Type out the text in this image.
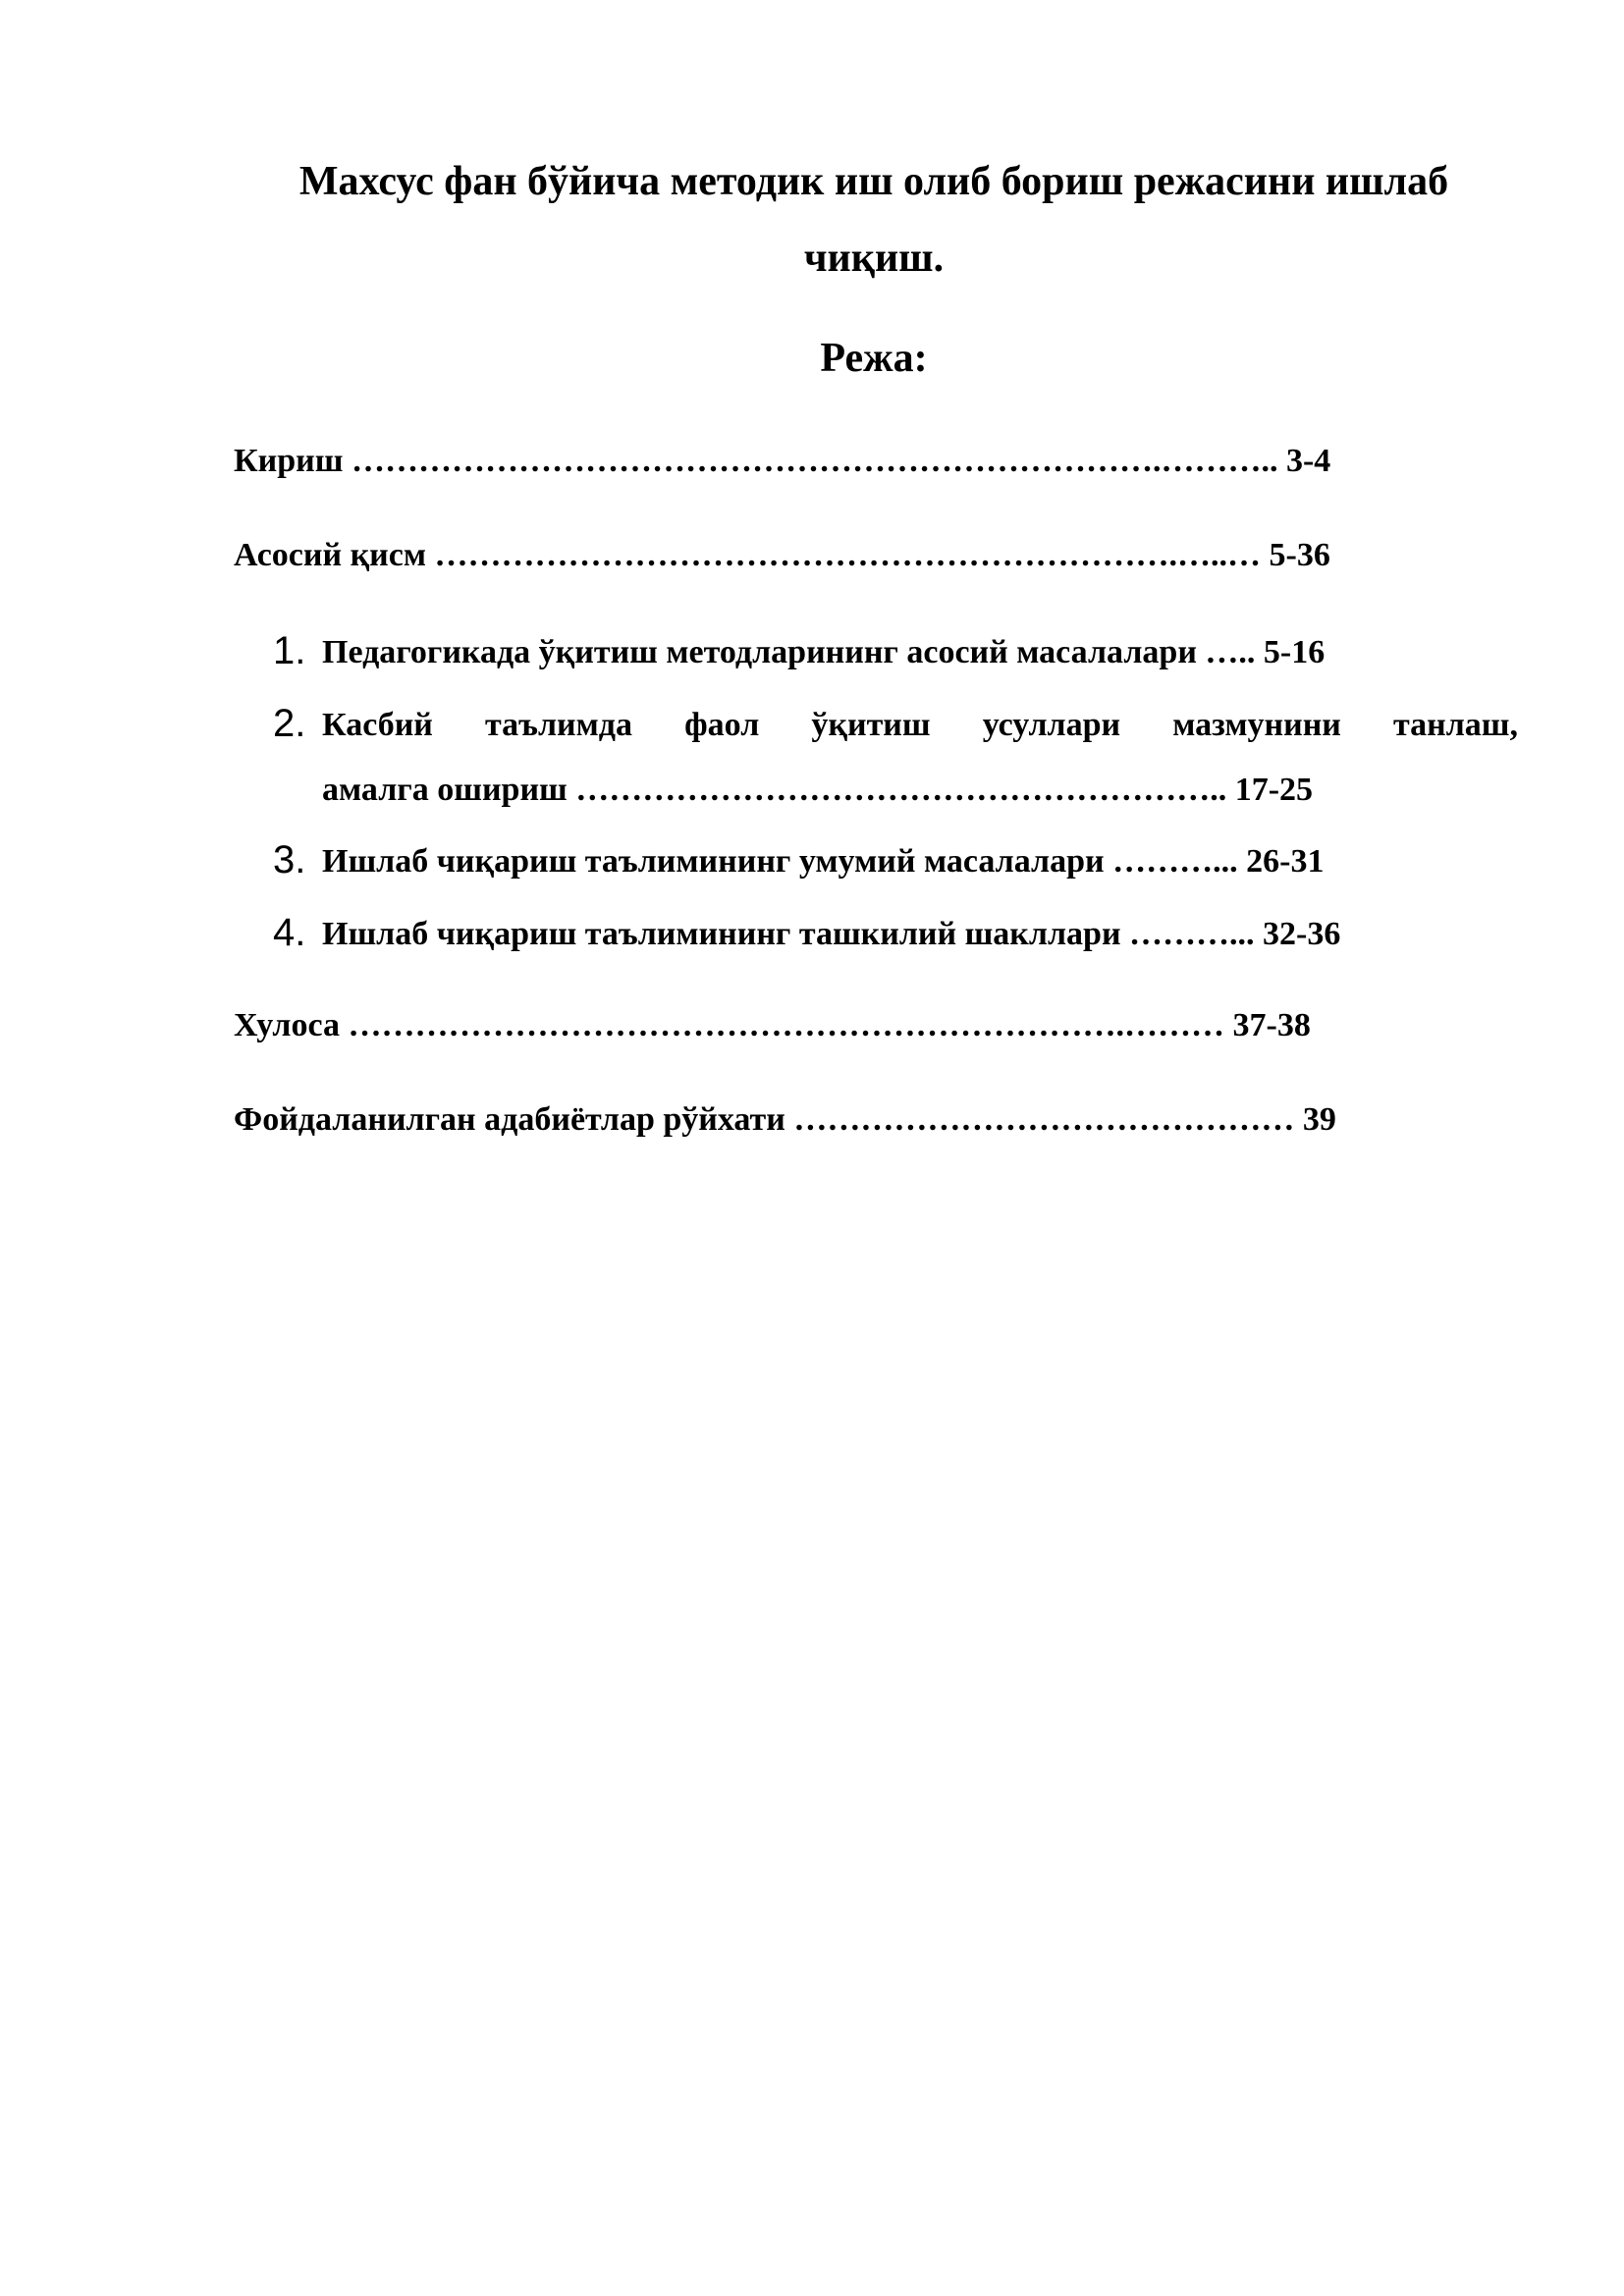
Махсус фан бўйича методик иш олиб бориш режасини ишлаб
чиқиш.
Режа:
Кириш ……………………………………………………………….……….. 3-4
Асосий қисм ………………………………………………………….…..… 5-36
1. Педагогикада ўқитиш методларининг асосий масалалари ….. 5-16
2. Касбий таълимда фаол ўқитиш усуллари мазмунини танлаш,
амалга ошириш ………………………………………………….. 17-25
3. Ишлаб чиқариш таълимининг умумий масалалари ………... 26-31
4. Ишлаб чиқариш таълимининг ташкилий шакллари ………... 32-36
Хулоса …………………………………………………………….……… 37-38
Фойдаланилган адабиётлар рўйхати ……………………………………… 39
